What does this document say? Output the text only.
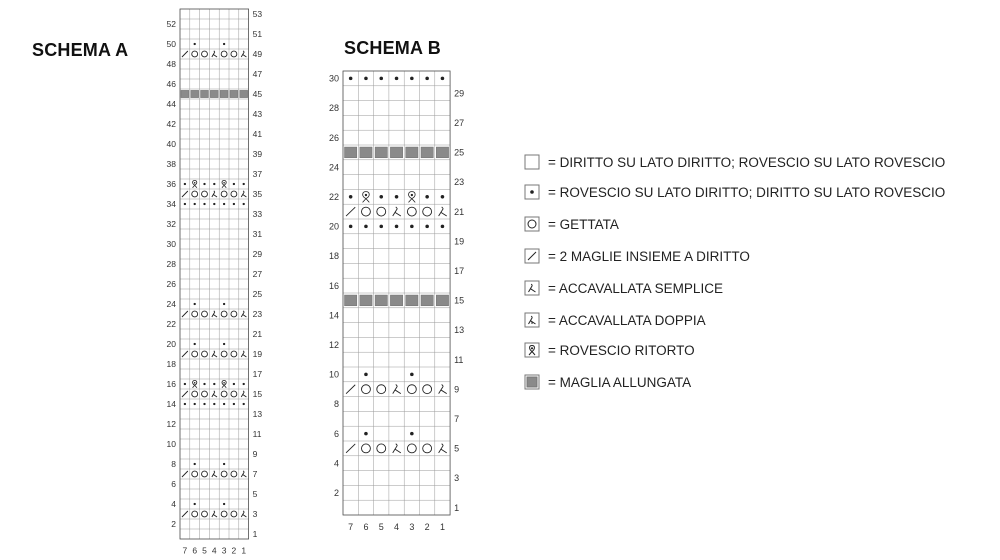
SCHEMA A	SCHEMA B
1
2
3
4
5
6
7
8
9
10
11
12
13
14
15
16
17
18
19
20
21
22
23
24
25
26
27
28
29
30
31
32
33
34
35
36
37
38
39
40
41
42
43
44
45
46
47
48
49
50
51
52
53
7 6 5 4 3 2 1
1
2
3
4
5
6
7
8
9
10
11
12
13
14
15
16
17
18
19
20
21
22
23
24
25
26
27
28
29
30
7 6 5 4 3 2 1
= DIRITTO SU LATO DIRITTO; ROVESCIO SU LATO ROVESCIO
= ROVESCIO SU LATO DIRITTO; DIRITTO SU LATO ROVESCIO
= GETTATA
= 2 MAGLIE INSIEME A DIRITTO
= ACCAVALLATA SEMPLICE
= ACCAVALLATA DOPPIA
= ROVESCIO RITORTO
= MAGLIA ALLUNGATA
